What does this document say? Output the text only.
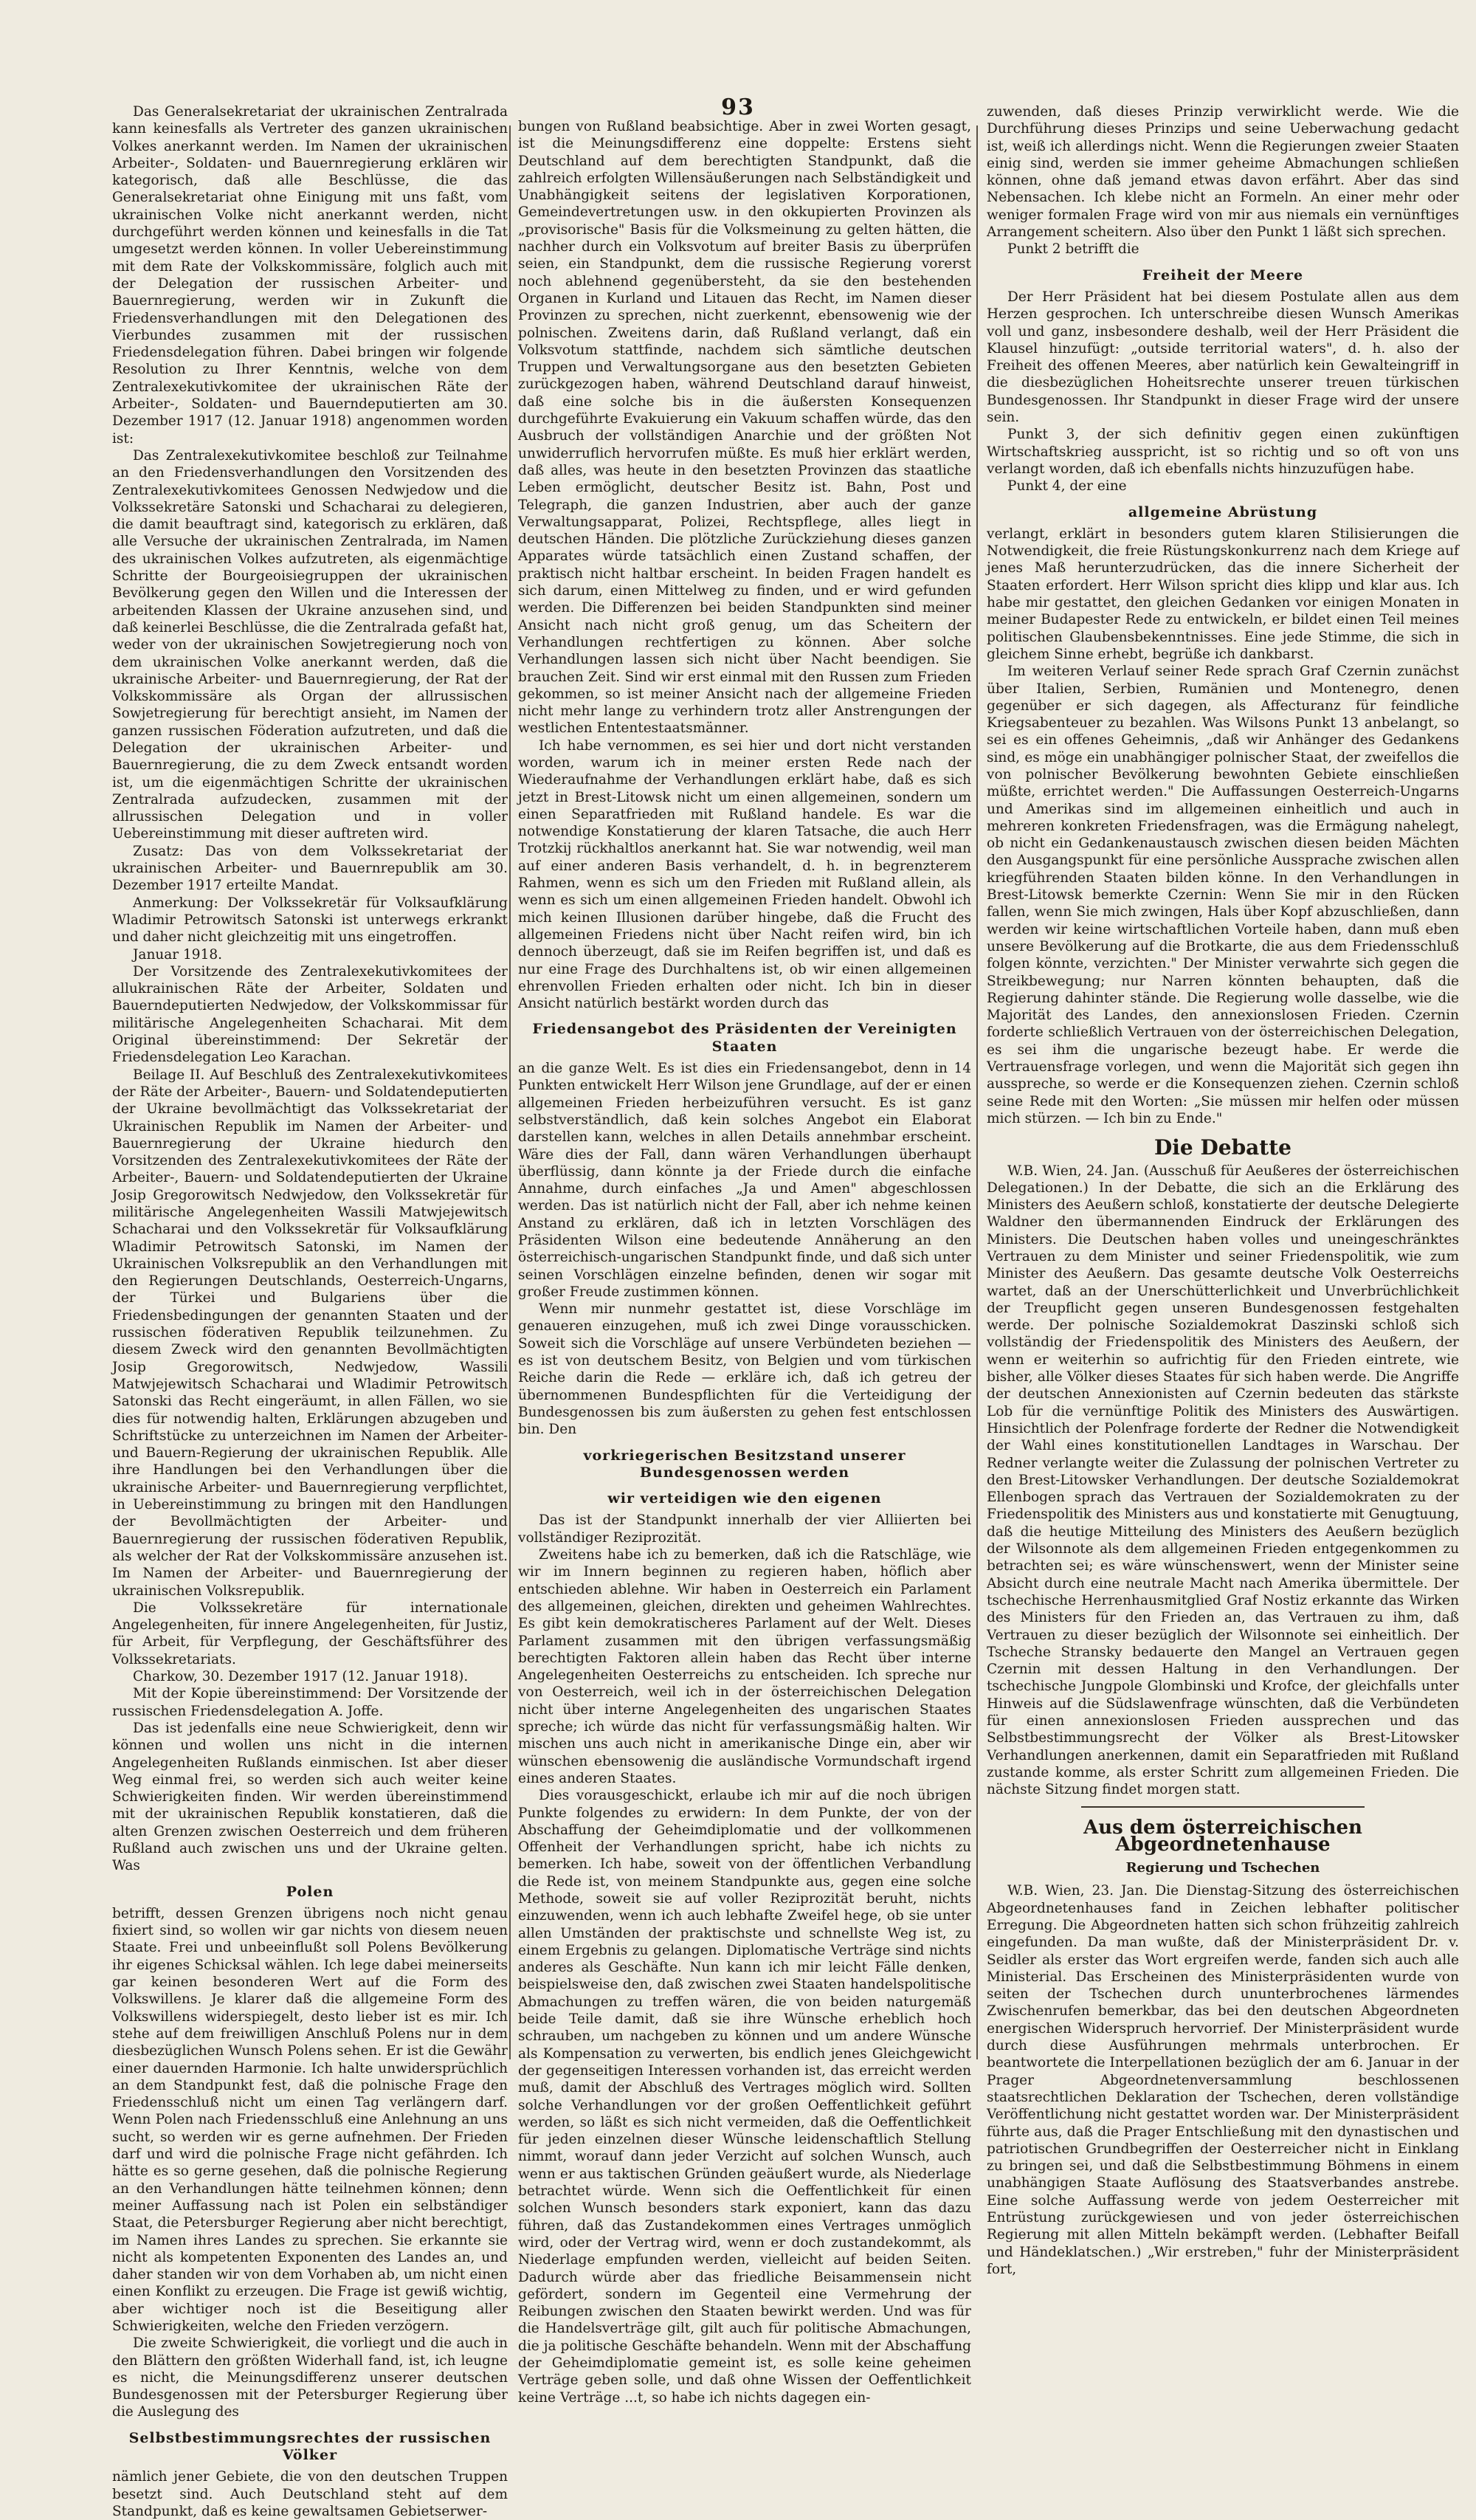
93

Das Generalsekretariat der ukrainischen Zentralrada kann keinesfalls als Vertreter des ganzen ukrainischen Volkes anerkannt werden. Im Namen der ukrainischen Arbeiter-, Soldaten- und Bauernregierung erklären wir kategorisch, daß alle Beschlüsse, die das Generalsekretariat ohne Einigung mit uns faßt, vom ukrainischen Volke nicht anerkannt werden, nicht durchgeführt werden können und keinesfalls in die Tat umgesetzt werden können. In voller Uebereinstimmung mit dem Rate der Volkskommissäre, folglich auch mit der Delegation der russischen Arbeiter- und Bauernregierung, werden wir in Zukunft die Friedensverhandlungen mit den Delegationen des Vierbundes zusammen mit der russischen Friedensdelegation führen. Dabei bringen wir folgende Resolution zu Ihrer Kenntnis, welche von dem Zentralexekutivkomitee der ukrainischen Räte der Arbeiter-, Soldaten- und Bauerndeputierten am 30. Dezember 1917 (12. Januar 1918) angenommen worden ist:

Das Zentralexekutivkomitee beschloß zur Teilnahme an den Friedensverhandlungen den Vorsitzenden des Zentralexekutivkomitees Genossen Nedwjedow und die Volkssekretäre Satonski und Schacharai zu delegieren, die damit beauftragt sind, kategorisch zu erklären, daß alle Versuche der ukrainischen Zentralrada, im Namen des ukrainischen Volkes aufzutreten, als eigenmächtige Schritte der Bourgeoisiegruppen der ukrainischen Bevölkerung gegen den Willen und die Interessen der arbeitenden Klassen der Ukraine anzusehen sind, und daß keinerlei Beschlüsse, die die Zentralrada gefaßt hat, weder von der ukrainischen Sowjetregierung noch von dem ukrainischen Volke anerkannt werden, daß die ukrainische Arbeiter- und Bauernregierung, der Rat der Volkskommissäre als Organ der allrussischen Sowjetregierung für berechtigt ansieht, im Namen der ganzen russischen Föderation aufzutreten, und daß die Delegation der ukrainischen Arbeiter- und Bauernregierung, die zu dem Zweck entsandt worden ist, um die eigenmächtigen Schritte der ukrainischen Zentralrada aufzudecken, zusammen mit der allrussischen Delegation und in voller Uebereinstimmung mit dieser auftreten wird.

Zusatz: Das von dem Volkssekretariat der ukrainischen Arbeiter- und Bauernrepublik am 30. Dezember 1917 erteilte Mandat.

Anmerkung: Der Volkssekretär für Volksaufklärung Wladimir Petrowitsch Satonski ist unterwegs erkrankt und daher nicht gleichzeitig mit uns eingetroffen.

Januar 1918.

Der Vorsitzende des Zentralexekutivkomitees der allukrainischen Räte der Arbeiter, Soldaten und Bauerndeputierten Nedwjedow, der Volkskommissar für militärische Angelegenheiten Schacharai. Mit dem Original übereinstimmend: Der Sekretär der Friedensdelegation Leo Karachan.

Beilage II. Auf Beschluß des Zentralexekutivkomitees der Räte der Arbeiter-, Bauern- und Soldatendeputierten der Ukraine bevollmächtigt das Volkssekretariat der Ukrainischen Republik im Namen der Arbeiter- und Bauernregierung der Ukraine hiedurch den Vorsitzenden des Zentralexekutivkomitees der Räte der Arbeiter-, Bauern- und Soldatendeputierten der Ukraine Josip Gregorowitsch Nedwjedow, den Volkssekretär für militärische Angelegenheiten Wassili Matwjejewitsch Schacharai und den Volkssekretär für Volksaufklärung Wladimir Petrowitsch Satonski, im Namen der Ukrainischen Volksrepublik an den Verhandlungen mit den Regierungen Deutschlands, Oesterreich-Ungarns, der Türkei und Bulgariens über die Friedensbedingungen der genannten Staaten und der russischen föderativen Republik teilzunehmen. Zu diesem Zweck wird den genannten Bevollmächtigten Josip Gregorowitsch, Nedwjedow, Wassili Matwjejewitsch Schacharai und Wladimir Petrowitsch Satonski das Recht eingeräumt, in allen Fällen, wo sie dies für notwendig halten, Erklärungen abzugeben und Schriftstücke zu unterzeichnen im Namen der Arbeiter- und Bauern-Regierung der ukrainischen Republik. Alle ihre Handlungen bei den Verhandlungen über die ukrainische Arbeiter- und Bauernregierung verpflichtet, in Uebereinstimmung zu bringen mit den Handlungen der Bevollmächtigten der Arbeiter- und Bauernregierung der russischen föderativen Republik, als welcher der Rat der Volkskommissäre anzusehen ist. Im Namen der Arbeiter- und Bauernregierung der ukrainischen Volksrepublik.

Die Volkssekretäre für internationale Angelegenheiten, für innere Angelegenheiten, für Justiz, für Arbeit, für Verpflegung, der Geschäftsführer des Volkssekretariats.

Charkow, 30. Dezember 1917 (12. Januar 1918).

Mit der Kopie übereinstimmend: Der Vorsitzende der russischen Friedensdelegation A. Joffe.

Das ist jedenfalls eine neue Schwierigkeit, denn wir können und wollen uns nicht in die internen Angelegenheiten Rußlands einmischen. Ist aber dieser Weg einmal frei, so werden sich auch weiter keine Schwierigkeiten finden. Wir werden übereinstimmend mit der ukrainischen Republik konstatieren, daß die alten Grenzen zwischen Oesterreich und dem früheren Rußland auch zwischen uns und der Ukraine gelten. Was

Polen

betrifft, dessen Grenzen übrigens noch nicht genau fixiert sind, so wollen wir gar nichts von diesem neuen Staate. Frei und unbeeinflußt soll Polens Bevölkerung ihr eigenes Schicksal wählen. Ich lege dabei meinerseits gar keinen besonderen Wert auf die Form des Volkswillens. Je klarer daß die allgemeine Form des Volkswillens widerspiegelt, desto lieber ist es mir. Ich stehe auf dem freiwilligen Anschluß Polens nur in dem diesbezüglichen Wunsch Polens sehen. Er ist die Gewähr einer dauernden Harmonie. Ich halte unwidersprüchlich an dem Standpunkt fest, daß die polnische Frage den Friedensschluß nicht um einen Tag verlängern darf. Wenn Polen nach Friedensschluß eine Anlehnung an uns sucht, so werden wir es gerne aufnehmen. Der Frieden darf und wird die polnische Frage nicht gefährden. Ich hätte es so gerne gesehen, daß die polnische Regierung an den Verhandlungen hätte teilnehmen können; denn meiner Auffassung nach ist Polen ein selbständiger Staat, die Petersburger Regierung aber nicht berechtigt, im Namen ihres Landes zu sprechen. Sie erkannte sie nicht als kompetenten Exponenten des Landes an, und daher standen wir von dem Vorhaben ab, um nicht einen einen Konflikt zu erzeugen. Die Frage ist gewiß wichtig, aber wichtiger noch ist die Beseitigung aller Schwierigkeiten, welche den Frieden verzögern.

Die zweite Schwierigkeit, die vorliegt und die auch in den Blättern den größten Widerhall fand, ist, ich leugne es nicht, die Meinungsdifferenz unserer deutschen Bundesgenossen mit der Petersburger Regierung über die Auslegung des

Selbstbestimmungsrechtes der russischen Völker

nämlich jener Gebiete, die von den deutschen Truppen besetzt sind. Auch Deutschland steht auf dem Standpunkt, daß es keine gewaltsamen Gebietserwer-

bungen von Rußland beabsichtige. Aber in zwei Worten gesagt, ist die Meinungsdifferenz eine doppelte: Erstens sieht Deutschland auf dem berechtigten Standpunkt, daß die zahlreich erfolgten Willensäußerungen nach Selbständigkeit und Unabhängigkeit seitens der legislativen Korporationen, Gemeindevertretungen usw. in den okkupierten Provinzen als „provisorische" Basis für die Volksmeinung zu gelten hätten, die nachher durch ein Volksvotum auf breiter Basis zu überprüfen seien, ein Standpunkt, dem die russische Regierung vorerst noch ablehnend gegenübersteht, da sie den bestehenden Organen in Kurland und Litauen das Recht, im Namen dieser Provinzen zu sprechen, nicht zuerkennt, ebensowenig wie der polnischen. Zweitens darin, daß Rußland verlangt, daß ein Volksvotum stattfinde, nachdem sich sämtliche deutschen Truppen und Verwaltungsorgane aus den besetzten Gebieten zurückgezogen haben, während Deutschland darauf hinweist, daß eine solche bis in die äußersten Konsequenzen durchgeführte Evakuierung ein Vakuum schaffen würde, das den Ausbruch der vollständigen Anarchie und der größten Not unwiderruflich hervorrufen müßte. Es muß hier erklärt werden, daß alles, was heute in den besetzten Provinzen das staatliche Leben ermöglicht, deutscher Besitz ist. Bahn, Post und Telegraph, die ganzen Industrien, aber auch der ganze Verwaltungsapparat, Polizei, Rechtspflege, alles liegt in deutschen Händen. Die plötzliche Zurückziehung dieses ganzen Apparates würde tatsächlich einen Zustand schaffen, der praktisch nicht haltbar erscheint. In beiden Fragen handelt es sich darum, einen Mittelweg zu finden, und er wird gefunden werden. Die Differenzen bei beiden Standpunkten sind meiner Ansicht nach nicht groß genug, um das Scheitern der Verhandlungen rechtfertigen zu können. Aber solche Verhandlungen lassen sich nicht über Nacht beendigen. Sie brauchen Zeit. Sind wir erst einmal mit den Russen zum Frieden gekommen, so ist meiner Ansicht nach der allgemeine Frieden nicht mehr lange zu verhindern trotz aller Anstrengungen der westlichen Ententestaatsmänner.

Ich habe vernommen, es sei hier und dort nicht verstanden worden, warum ich in meiner ersten Rede nach der Wiederaufnahme der Verhandlungen erklärt habe, daß es sich jetzt in Brest-Litowsk nicht um einen allgemeinen, sondern um einen Separatfrieden mit Rußland handele. Es war die notwendige Konstatierung der klaren Tatsache, die auch Herr Trotzkij rückhaltlos anerkannt hat. Sie war notwendig, weil man auf einer anderen Basis verhandelt, d. h. in begrenzterem Rahmen, wenn es sich um den Frieden mit Rußland allein, als wenn es sich um einen allgemeinen Frieden handelt. Obwohl ich mich keinen Illusionen darüber hingebe, daß die Frucht des allgemeinen Friedens nicht über Nacht reifen wird, bin ich dennoch überzeugt, daß sie im Reifen begriffen ist, und daß es nur eine Frage des Durchhaltens ist, ob wir einen allgemeinen ehrenvollen Frieden erhalten oder nicht. Ich bin in dieser Ansicht natürlich bestärkt worden durch das

Friedensangebot des Präsidenten der Vereinigten Staaten

an die ganze Welt. Es ist dies ein Friedensangebot, denn in 14 Punkten entwickelt Herr Wilson jene Grundlage, auf der er einen allgemeinen Frieden herbeizuführen versucht. Es ist ganz selbstverständlich, daß kein solches Angebot ein Elaborat darstellen kann, welches in allen Details annehmbar erscheint. Wäre dies der Fall, dann wären Verhandlungen überhaupt überflüssig, dann könnte ja der Friede durch die einfache Annahme, durch einfaches „Ja und Amen" abgeschlossen werden. Das ist natürlich nicht der Fall, aber ich nehme keinen Anstand zu erklären, daß ich in letzten Vorschlägen des Präsidenten Wilson eine bedeutende Annäherung an den österreichisch-ungarischen Standpunkt finde, und daß sich unter seinen Vorschlägen einzelne befinden, denen wir sogar mit großer Freude zustimmen können.

Wenn mir nunmehr gestattet ist, diese Vorschläge im genaueren einzugehen, muß ich zwei Dinge vorausschicken. Soweit sich die Vorschläge auf unsere Verbündeten beziehen — es ist von deutschem Besitz, von Belgien und vom türkischen Reiche darin die Rede — erkläre ich, daß ich getreu der übernommenen Bundespflichten für die Verteidigung der Bundesgenossen bis zum äußersten zu gehen fest entschlossen bin. Den

vorkriegerischen Besitzstand unserer Bundesgenossen werden
wir verteidigen wie den eigenen

Das ist der Standpunkt innerhalb der vier Alliierten bei vollständiger Reziprozität.

Zweitens habe ich zu bemerken, daß ich die Ratschläge, wie wir im Innern beginnen zu regieren haben, höflich aber entschieden ablehne. Wir haben in Oesterreich ein Parlament des allgemeinen, gleichen, direkten und geheimen Wahlrechtes. Es gibt kein demokratischeres Parlament auf der Welt. Dieses Parlament zusammen mit den übrigen verfassungsmäßig berechtigten Faktoren allein haben das Recht über interne Angelegenheiten Oesterreichs zu entscheiden. Ich spreche nur von Oesterreich, weil ich in der österreichischen Delegation nicht über interne Angelegenheiten des ungarischen Staates spreche; ich würde das nicht für verfassungsmäßig halten. Wir mischen uns auch nicht in amerikanische Dinge ein, aber wir wünschen ebensowenig die ausländische Vormundschaft irgend eines anderen Staates.

Dies vorausgeschickt, erlaube ich mir auf die noch übrigen Punkte folgendes zu erwidern: In dem Punkte, der von der Abschaffung der Geheimdiplomatie und der vollkommenen Offenheit der Verhandlungen spricht, habe ich nichts zu bemerken. Ich habe, soweit von der öffentlichen Verbandlung die Rede ist, von meinem Standpunkte aus, gegen eine solche Methode, soweit sie auf voller Reziprozität beruht, nichts einzuwenden, wenn ich auch lebhafte Zweifel hege, ob sie unter allen Umständen der praktischste und schnellste Weg ist, zu einem Ergebnis zu gelangen. Diplomatische Verträge sind nichts anderes als Geschäfte. Nun kann ich mir leicht Fälle denken, beispielsweise den, daß zwischen zwei Staaten handelspolitische Abmachungen zu treffen wären, die von beiden naturgemäß beide Teile damit, daß sie ihre Wünsche erheblich hoch schrauben, um nachgeben zu können und um andere Wünsche als Kompensation zu verwerten, bis endlich jenes Gleichgewicht der gegenseitigen Interessen vorhanden ist, das erreicht werden muß, damit der Abschluß des Vertrages möglich wird. Sollten solche Verhandlungen vor der großen Oeffentlichkeit geführt werden, so läßt es sich nicht vermeiden, daß die Oeffentlichkeit für jeden einzelnen dieser Wünsche leidenschaftlich Stellung nimmt, worauf dann jeder Verzicht auf solchen Wunsch, auch wenn er aus taktischen Gründen geäußert wurde, als Niederlage betrachtet würde. Wenn sich die Oeffentlichkeit für einen solchen Wunsch besonders stark exponiert, kann das dazu führen, daß das Zustandekommen eines Vertrages unmöglich wird, oder der Vertrag wird, wenn er doch zustandekommt, als Niederlage empfunden werden, vielleicht auf beiden Seiten. Dadurch würde aber das friedliche Beisammensein nicht gefördert, sondern im Gegenteil eine Vermehrung der Reibungen zwischen den Staaten bewirkt werden. Und was für die Handelsverträge gilt, gilt auch für politische Abmachungen, die ja politische Geschäfte behandeln. Wenn mit der Abschaffung der Geheimdiplomatie gemeint ist, es solle keine geheimen Verträge geben solle, und daß ohne Wissen der Oeffentlichkeit keine Verträge ...t, so habe ich nichts dagegen ein-

zuwenden, daß dieses Prinzip verwirklicht werde. Wie die Durchführung dieses Prinzips und seine Ueberwachung gedacht ist, weiß ich allerdings nicht. Wenn die Regierungen zweier Staaten einig sind, werden sie immer geheime Abmachungen schließen können, ohne daß jemand etwas davon erfährt. Aber das sind Nebensachen. Ich klebe nicht an Formeln. An einer mehr oder weniger formalen Frage wird von mir aus niemals ein vernünftiges Arrangement scheitern. Also über den Punkt 1 läßt sich sprechen.

Punkt 2 betrifft die

Freiheit der Meere

Der Herr Präsident hat bei diesem Postulate allen aus dem Herzen gesprochen. Ich unterschreibe diesen Wunsch Amerikas voll und ganz, insbesondere deshalb, weil der Herr Präsident die Klausel hinzufügt: „outside territorial waters", d. h. also der Freiheit des offenen Meeres, aber natürlich kein Gewalteingriff in die diesbezüglichen Hoheitsrechte unserer treuen türkischen Bundesgenossen. Ihr Standpunkt in dieser Frage wird der unsere sein.

Punkt 3, der sich definitiv gegen einen zukünftigen Wirtschaftskrieg ausspricht, ist so richtig und so oft von uns verlangt worden, daß ich ebenfalls nichts hinzuzufügen habe.

Punkt 4, der eine

allgemeine Abrüstung

verlangt, erklärt in besonders gutem klaren Stilisierungen die Notwendigkeit, die freie Rüstungskonkurrenz nach dem Kriege auf jenes Maß herunterzudrücken, das die innere Sicherheit der Staaten erfordert. Herr Wilson spricht dies klipp und klar aus. Ich habe mir gestattet, den gleichen Gedanken vor einigen Monaten in meiner Budapester Rede zu entwickeln, er bildet einen Teil meines politischen Glaubensbekenntnisses. Eine jede Stimme, die sich in gleichem Sinne erhebt, begrüße ich dankbarst.

Im weiteren Verlauf seiner Rede sprach Graf Czernin zunächst über Italien, Serbien, Rumänien und Montenegro, denen gegenüber er sich dagegen, als Affecturanz für feindliche Kriegsabenteuer zu bezahlen. Was Wilsons Punkt 13 anbelangt, so sei es ein offenes Geheimnis, „daß wir Anhänger des Gedankens sind, es möge ein unabhängiger polnischer Staat, der zweifellos die von polnischer Bevölkerung bewohnten Gebiete einschließen müßte, errichtet werden." Die Auffassungen Oesterreich-Ungarns und Amerikas sind im allgemeinen einheitlich und auch in mehreren konkreten Friedensfragen, was die Ermägung nahelegt, ob nicht ein Gedankenaustausch zwischen diesen beiden Mächten den Ausgangspunkt für eine persönliche Aussprache zwischen allen kriegführenden Staaten bilden könne. In den Verhandlungen in Brest-Litowsk bemerkte Czernin: Wenn Sie mir in den Rücken fallen, wenn Sie mich zwingen, Hals über Kopf abzuschließen, dann werden wir keine wirtschaftlichen Vorteile haben, dann muß eben unsere Bevölkerung auf die Brotkarte, die aus dem Friedensschluß folgen könnte, verzichten." Der Minister verwahrte sich gegen die Streikbewegung; nur Narren könnten behaupten, daß die Regierung dahinter stände. Die Regierung wolle dasselbe, wie die Majorität des Landes, den annexionslosen Frieden. Czernin forderte schließlich Vertrauen von der österreichischen Delegation, es sei ihm die ungarische bezeugt habe. Er werde die Vertrauensfrage vorlegen, und wenn die Majorität sich gegen ihn ausspreche, so werde er die Konsequenzen ziehen. Czernin schloß seine Rede mit den Worten: „Sie müssen mir helfen oder müssen mich stürzen. — Ich bin zu Ende."

Die Debatte

W.B. Wien, 24. Jan. (Ausschuß für Aeußeres der österreichischen Delegationen.) In der Debatte, die sich an die Erklärung des Ministers des Aeußern schloß, konstatierte der deutsche Delegierte Waldner den übermannenden Eindruck der Erklärungen des Ministers. Die Deutschen haben volles und uneingeschränktes Vertrauen zu dem Minister und seiner Friedenspolitik, wie zum Minister des Aeußern. Das gesamte deutsche Volk Oesterreichs wartet, daß an der Unerschütterlichkeit und Unverbrüchlichkeit der Treupflicht gegen unseren Bundesgenossen festgehalten werde. Der polnische Sozialdemokrat Daszinski schloß sich vollständig der Friedenspolitik des Ministers des Aeußern, der wenn er weiterhin so aufrichtig für den Frieden eintrete, wie bisher, alle Völker dieses Staates für sich haben werde. Die Angriffe der deutschen Annexionisten auf Czernin bedeuten das stärkste Lob für die vernünftige Politik des Ministers des Auswärtigen. Hinsichtlich der Polenfrage forderte der Redner die Notwendigkeit der Wahl eines konstitutionellen Landtages in Warschau. Der Redner verlangte weiter die Zulassung der polnischen Vertreter zu den Brest-Litowsker Verhandlungen. Der deutsche Sozialdemokrat Ellenbogen sprach das Vertrauen der Sozialdemokraten zu der Friedenspolitik des Ministers aus und konstatierte mit Genugtuung, daß die heutige Mitteilung des Ministers des Aeußern bezüglich der Wilsonnote als dem allgemeinen Frieden entgegenkommen zu betrachten sei; es wäre wünschenswert, wenn der Minister seine Absicht durch eine neutrale Macht nach Amerika übermittele. Der tschechische Herrenhausmitglied Graf Nostiz erkannte das Wirken des Ministers für den Frieden an, das Vertrauen zu ihm, daß Vertrauen zu dieser bezüglich der Wilsonnote sei einheitlich. Der Tscheche Stransky bedauerte den Mangel an Vertrauen gegen Czernin mit dessen Haltung in den Verhandlungen. Der tschechische Jungpole Glombinski und Krofce, der gleichfalls unter Hinweis auf die Südslawenfrage wünschten, daß die Verbündeten für einen annexionslosen Frieden aussprechen und das Selbstbestimmungsrecht der Völker als Brest-Litowsker Verhandlungen anerkennen, damit ein Separatfrieden mit Rußland zustande komme, als erster Schritt zum allgemeinen Frieden. Die nächste Sitzung findet morgen statt.

Aus dem österreichischen Abgeordnetenhause
Regierung und Tschechen

W.B. Wien, 23. Jan. Die Dienstag-Sitzung des österreichischen Abgeordnetenhauses fand in Zeichen lebhafter politischer Erregung. Die Abgeordneten hatten sich schon frühzeitig zahlreich eingefunden. Da man wußte, daß der Ministerpräsident Dr. v. Seidler als erster das Wort ergreifen werde, fanden sich auch alle Ministerial. Das Erscheinen des Ministerpräsidenten wurde von seiten der Tschechen durch ununterbrochenes lärmendes Zwischenrufen bemerkbar, das bei den deutschen Abgeordneten energischen Widerspruch hervorrief. Der Ministerpräsident wurde durch diese Ausführungen mehrmals unterbrochen. Er beantwortete die Interpellationen bezüglich der am 6. Januar in der Prager Abgeordnetenversammlung beschlossenen staatsrechtlichen Deklaration der Tschechen, deren vollständige Veröffentlichung nicht gestattet worden war. Der Ministerpräsident führte aus, daß die Prager Entschließung mit den dynastischen und patriotischen Grundbegriffen der Oesterreicher nicht in Einklang zu bringen sei, und daß die Selbstbestimmung Böhmens in einem unabhängigen Staate Auflösung des Staatsverbandes anstrebe. Eine solche Auffassung werde von jedem Oesterreicher mit Entrüstung zurückgewiesen und von jeder österreichischen Regierung mit allen Mitteln bekämpft werden. (Lebhafter Beifall und Händeklatschen.) „Wir erstreben," fuhr der Ministerpräsident fort,
